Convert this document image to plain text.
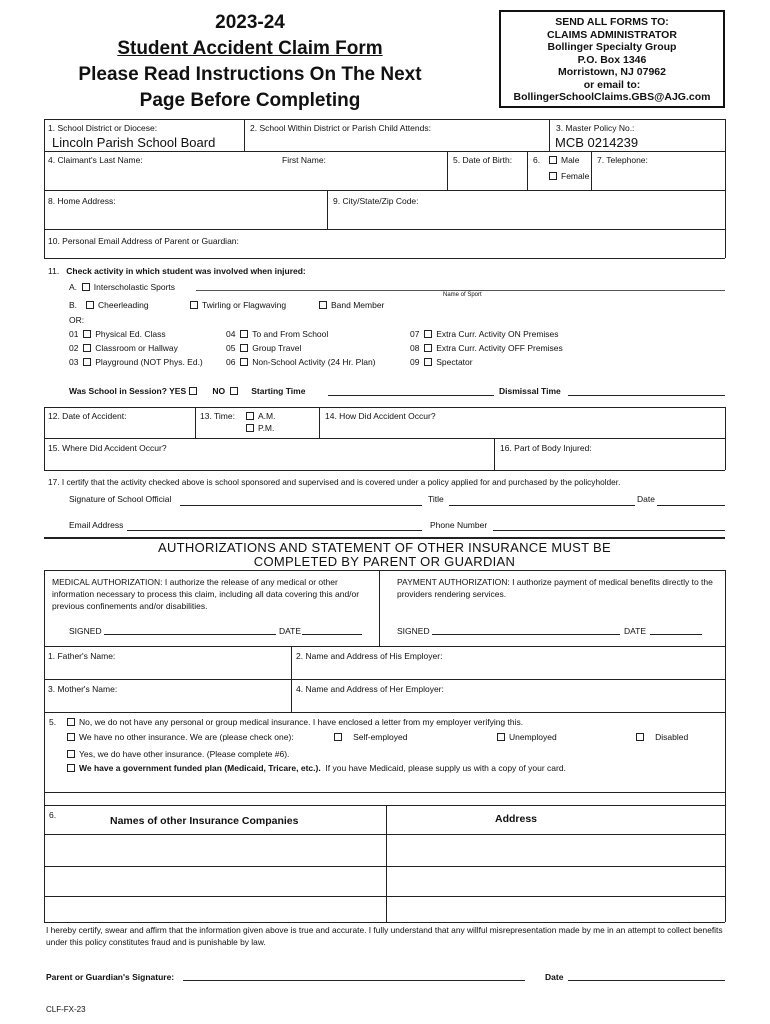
2023-24
Student Accident Claim Form
Please Read Instructions On The Next
Page Before Completing
SEND ALL FORMS TO:
CLAIMS ADMINISTRATOR
Bollinger Specialty Group
P.O. Box 1346
Morristown, NJ 07962
or email to:
BollingerSchoolClaims.GBS@AJG.com
1. School District or Diocese:
Lincoln Parish School Board
2. School Within District or Parish Child Attends:	3. Master Policy No.:
MCB 0214239
4. Claimant's Last Name:	First Name:	5. Date of Birth: 6.	Male
Female
7. Telephone:
8. Home Address:	9. City/State/Zip Code:
10. Personal Email Address of Parent or Guardian:
11. Check activity in which student was involved when injured:
A. Interscholastic Sports
Name of Sport
B.	Cheerleading	Twirling or Flagwaving	Band Member
OR:
01 Physical Ed. Class
02 Classroom or Hallway
03 Playground (NOT Phys. Ed.)
04 To and From School
05 Group Travel
06 Non-School Activity (24 Hr. Plan)
07 Extra Curr. Activity ON Premises
08 Extra Curr. Activity OFF Premises
09 Spectator
Was School in Session? YES	NO	Starting Time	Dismissal Time
12. Date of Accident:	13. Time:	A.M.
P.M.
14. How Did Accident Occur?
15. Where Did Accident Occur?	16. Part of Body Injured:
17. I certify that the activity checked above is school sponsored and supervised and is covered under a policy applied for and purchased by the policyholder.
Signature of School Official	Title	Date
Email Address	Phone Number
AUTHORIZATIONS AND STATEMENT OF OTHER INSURANCE MUST BE
COMPLETED BY PARENT OR GUARDIAN
MEDICAL AUTHORIZATION: I authorize the release of any medical or other information necessary to process this claim, including all data covering this and/or previous confinements and/or disabilities.
PAYMENT AUTHORIZATION: I authorize payment of medical benefits directly to the providers rendering services.
SIGNED	DATE	SIGNED	DATE
1. Father's Name:	2. Name and Address of His Employer:
3. Mother's Name:	4. Name and Address of Her Employer:
5.	No, we do not have any personal or group medical insurance. I have enclosed a letter from my employer verifying this.
We have no other insurance. We are (please check one):	Self-employed	Unemployed	Disabled
Yes, we do have other insurance. (Please complete #6).
We have a government funded plan (Medicaid, Tricare, etc.). If you have Medicaid, please supply us with a copy of your card.
6.	Names of other Insurance Companies	Address
I hereby certify, swear and affirm that the information given above is true and accurate. I fully understand that any willful misrepresentation made by me in an attempt to collect benefits under this policy constitutes fraud and is punishable by law.
Parent or Guardian's Signature:	Date
CLF-FX-23
